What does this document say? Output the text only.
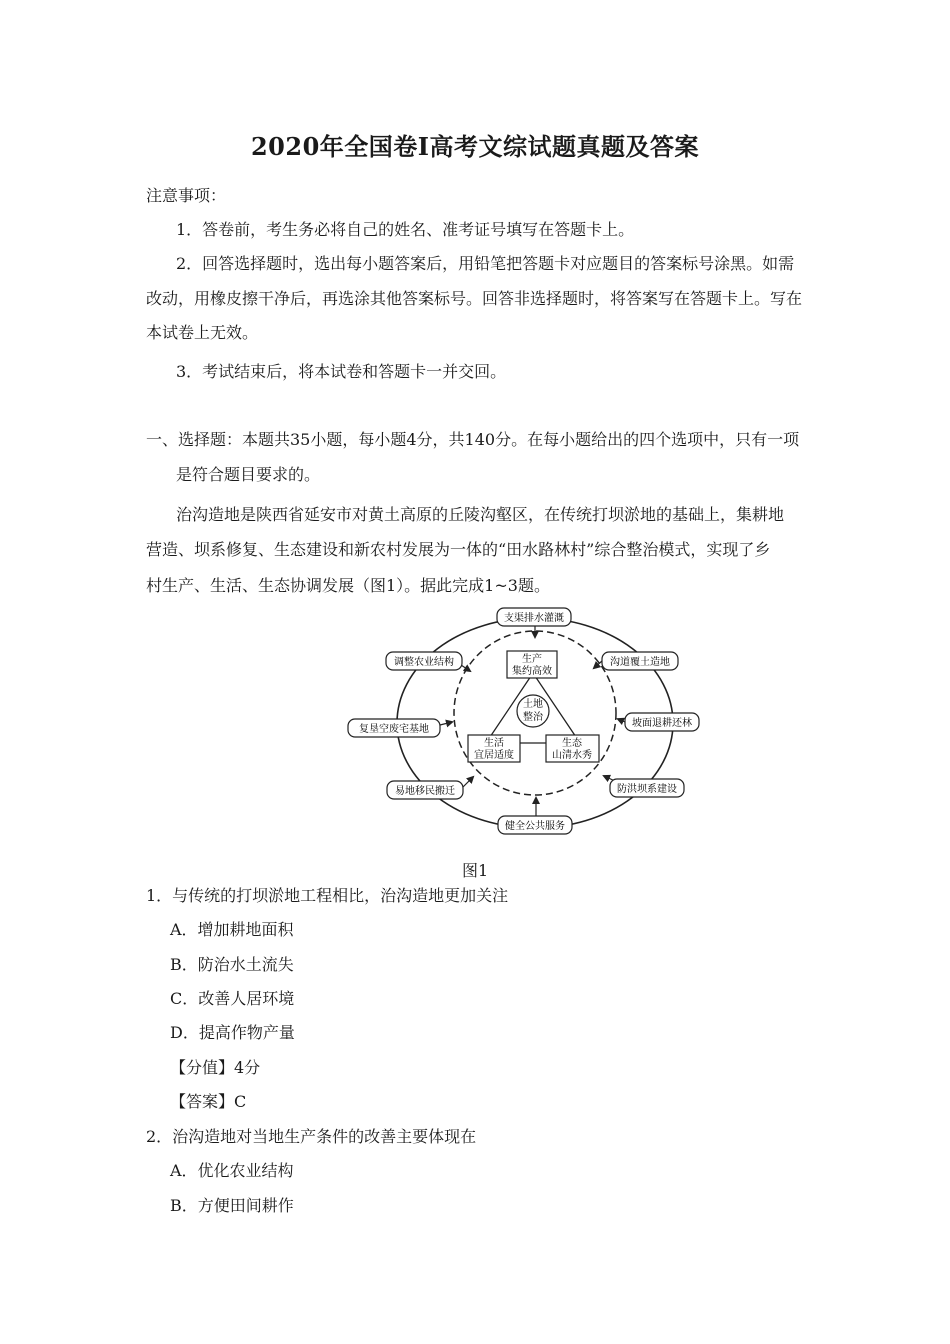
2020年全国卷Ⅰ高考文综试题真题及答案
注意事项：
1．答卷前，考生务必将自己的姓名、准考证号填写在答题卡上。
2．回答选择题时，选出每小题答案后，用铅笔把答题卡对应题目的答案标号涂黑。如需
改动，用橡皮擦干净后，再选涂其他答案标号。回答非选择题时，将答案写在答题卡上。写在
本试卷上无效。
3．考试结束后，将本试卷和答题卡一并交回。
一、选择题：本题共35小题，每小题4分，共140分。在每小题给出的四个选项中，只有一项
是符合题目要求的。
治沟造地是陕西省延安市对黄土高原的丘陵沟壑区，在传统打坝淤地的基础上，集耕地
营造、坝系修复、生态建设和新农村发展为一体的“田水路林村”综合整治模式，实现了乡
村生产、生活、生态协调发展（图1）。据此完成1~3题。
土地
整治
生产
集约高效
生活
宜居适度
生态
山清水秀
支渠排水灌溉
沟道覆土造地
坡面退耕还林
防洪坝系建设
健全公共服务
易地移民搬迁
复垦空废宅基地
调整农业结构
图1
1．与传统的打坝淤地工程相比，治沟造地更加关注
A．增加耕地面积
B．防治水土流失
C．改善人居环境
D．提高作物产量
【分值】4分
【答案】C
2．治沟造地对当地生产条件的改善主要体现在
A．优化农业结构
B．方便田间耕作
